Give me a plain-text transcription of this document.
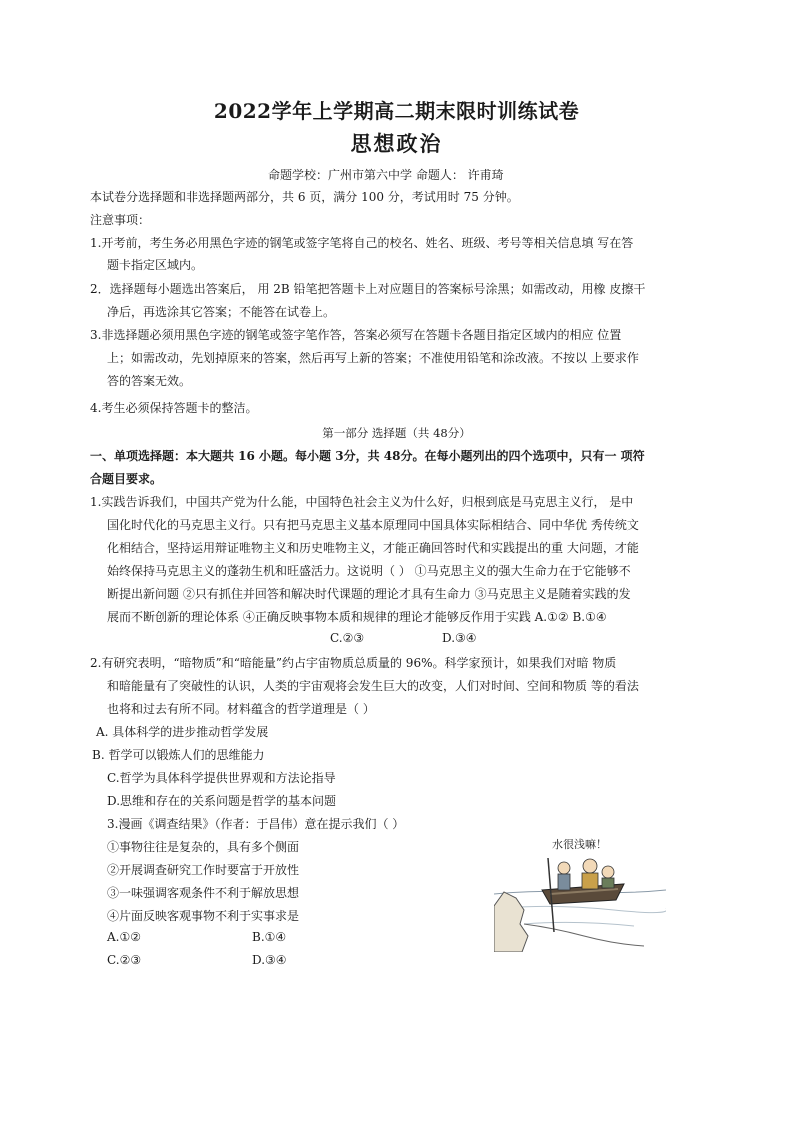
2022学年上学期高二期末限时训练试卷
思想政治
命题学校：广州市第六中学 命题人： 许甫琦
本试卷分选择题和非选择题两部分，共 6 页，满分 100 分，考试用时 75 分钟。
注意事项：
1.开考前，考生务必用黑色字迹的钢笔或签字笔将自己的校名、姓名、班级、考号等相关信息填 写在答
题卡指定区域内。
2．选择题每小题选出答案后， 用 2B 铅笔把答题卡上对应题目的答案标号涂黑；如需改动，用橡 皮擦干
净后，再选涂其它答案；不能答在试卷上。
3.非选择题必须用黑色字迹的钢笔或签字笔作答，答案必须写在答题卡各题目指定区域内的相应 位置
上；如需改动，先划掉原来的答案，然后再写上新的答案；不准使用铅笔和涂改液。不按以 上要求作
答的答案无效。
4.考生必须保持答题卡的整洁。
第一部分 选择题（共 48分）
一、单项选择题：本大题共 16 小题。每小题 3分，共 48分。在每小题列出的四个选项中，只有一 项符
合题目要求。
1.实践告诉我们，中国共产党为什么能，中国特色社会主义为什么好，归根到底是马克思主义行， 是中
国化时代化的马克思主义行。只有把马克思主义基本原理同中国具体实际相结合、同中华优 秀传统文
化相结合，坚持运用辩证唯物主义和历史唯物主义，才能正确回答时代和实践提出的重 大问题，才能
始终保持马克思主义的蓬勃生机和旺盛活力。这说明（ ） ①马克思主义的强大生命力在于它能够不
断提出新问题 ②只有抓住并回答和解决时代课题的理论才具有生命力 ③马克思主义是随着实践的发
展而不断创新的理论体系 ④正确反映事物本质和规律的理论才能够反作用于实践 A.①② B.①④
C.②③	D.③④
2.有研究表明，“暗物质”和“暗能量”约占宇宙物质总质量的 96%。科学家预计，如果我们对暗 物质
和暗能量有了突破性的认识，人类的宇宙观将会发生巨大的改变，人们对时间、空间和物质 等的看法
也将和过去有所不同。材料蕴含的哲学道理是（ ）
A. 具体科学的进步推动哲学发展
B. 哲学可以锻炼人们的思维能力
C.哲学为具体科学提供世界观和方法论指导
D.思维和存在的关系问题是哲学的基本问题
3.漫画《调查结果》（作者：于昌伟）意在提示我们（ ）
①事物往往是复杂的，具有多个侧面
②开展调查研究工作时要富于开放性
③一味强调客观条件不利于解放思想
④片面反映客观事物不利于实事求是
A.①②	B.①④
C.②③	D.③④
水很浅嘛！
